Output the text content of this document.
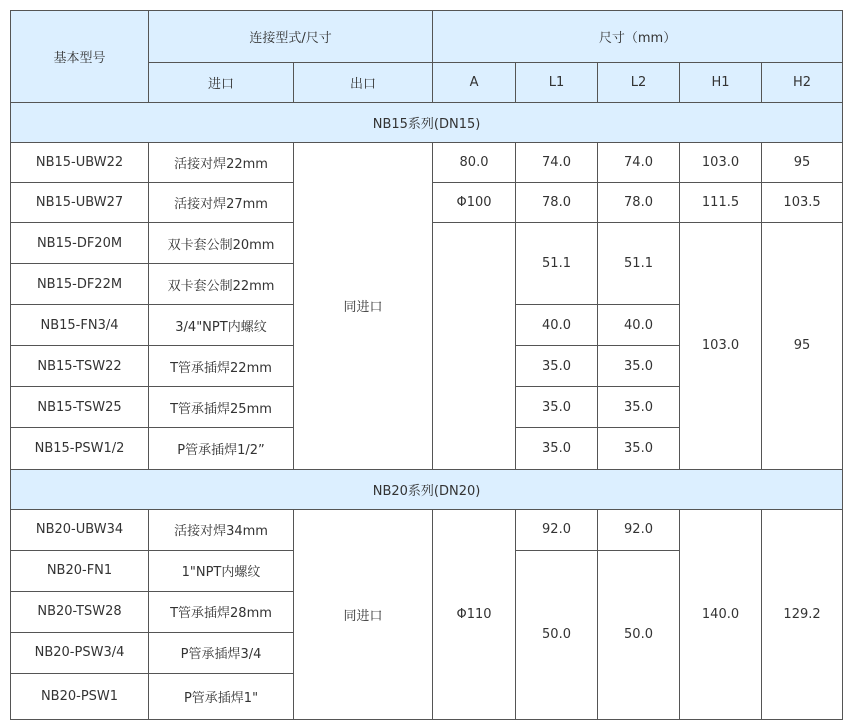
基本型号	连接型式/尺寸		尺寸（mm）				
	进口	出口	A	L1	L2	H1	H2
NB15系列(DN15)							
NB15-UBW22	活接对焊22mm	同进口	80.0	74.0	74.0	103.0	95
NB15-UBW27	活接对焊27mm		Φ100	78.0	78.0	111.5	103.5
NB15-DF20M	双卡套公制20mm			51.1	51.1	103.0	95
NB15-DF22M	双卡套公制22mm						
NB15-FN3/4	3/4"NPT内螺纹			40.0	40.0		
NB15-TSW22	T管承插焊22mm			35.0	35.0		
NB15-TSW25	T管承插焊25mm			35.0	35.0		
NB15-PSW1/2	P管承插焊1/2”			35.0	35.0		
NB20系列(DN20)							
NB20-UBW34	活接对焊34mm	同进口	Φ110	92.0	92.0	140.0	129.2
NB20-FN1	1"NPT内螺纹			50.0	50.0		
NB20-TSW28	T管承插焊28mm						
NB20-PSW3/4	P管承插焊3/4						
NB20-PSW1	P管承插焊1"						
